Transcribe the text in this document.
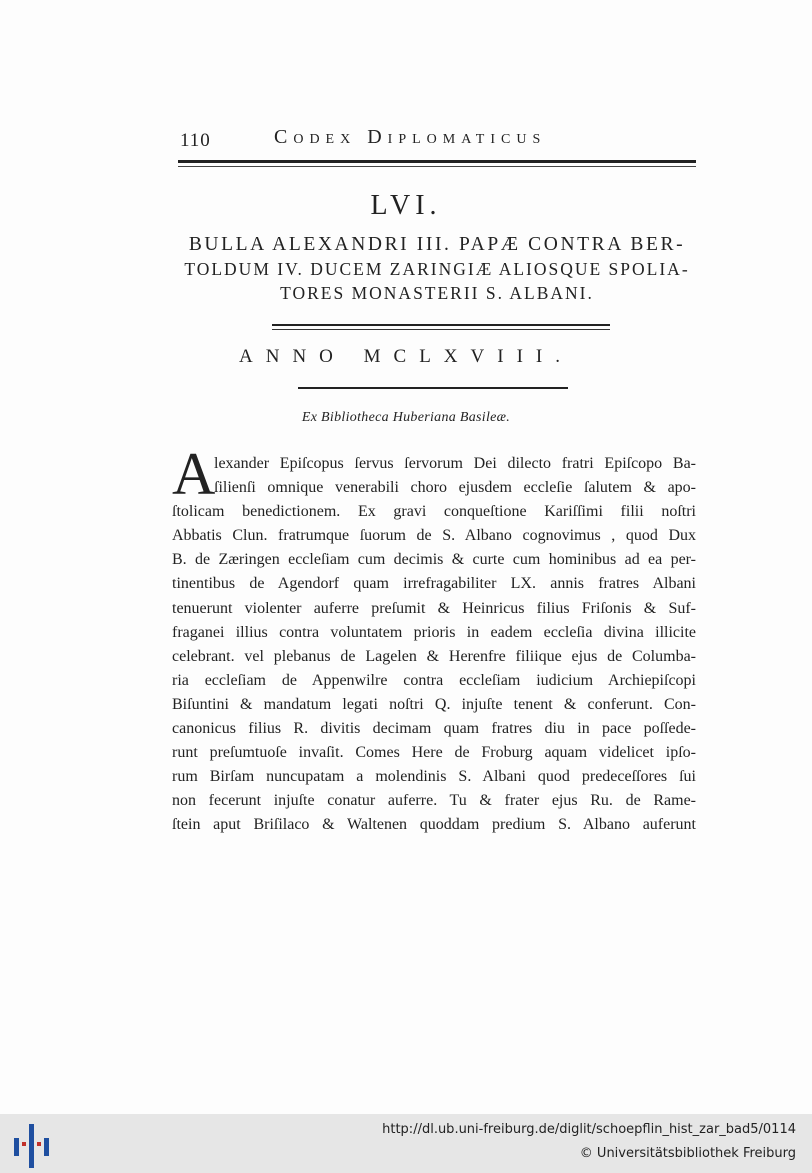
110	Codex Diplomaticus
LVI.
BULLA ALEXANDRI III. PAPÆ CONTRA BER-
TOLDUM IV. DUCEM ZARINGIÆ ALIOSQUE SPOLIA-
TORES MONASTERII S. ALBANI.
ANNO MCLXVIII.
Ex Bibliotheca Huberiana Basileæ.
A
lexander Epiſcopus ſervus ſervorum Dei dilecto fratri Epiſcopo Ba-
ſilienſi omnique venerabili choro ejusdem eccleſie ſalutem & apo-
ſtolicam benedictionem. Ex gravi conqueſtione Kariſſimi filii noſtri
Abbatis Clun. fratrumque ſuorum de S. Albano cognovimus , quod Dux
B. de Zæringen eccleſiam cum decimis & curte cum hominibus ad ea per-
tinentibus de Agendorf quam irrefragabiliter LX. annis fratres Albani
tenuerunt violenter auferre preſumit & Heinricus filius Friſonis & Suf-
fraganei illius contra voluntatem prioris in eadem eccleſia divina illicite
celebrant. vel plebanus de Lagelen & Herenfre filiique ejus de Columba-
ria eccleſiam de Appenwilre contra eccleſiam iudicium Archiepiſcopi
Biſuntini & mandatum legati noſtri Q. injuſte tenent & conferunt. Con-
canonicus filius R. divitis decimam quam fratres diu in pace poſſede-
runt preſumtuoſe invaſit. Comes Here de Froburg aquam videlicet ipſo-
rum Birſam nuncupatam a molendinis S. Albani quod predeceſſores ſui
non fecerunt injuſte conatur auferre. Tu & frater ejus Ru. de Rame-
ſtein aput Briſilaco & Waltenen quoddam predium S. Albano auferunt
http://dl.ub.uni-freiburg.de/diglit/schoepflin_hist_zar_bad5/0114
© Universitätsbibliothek Freiburg
